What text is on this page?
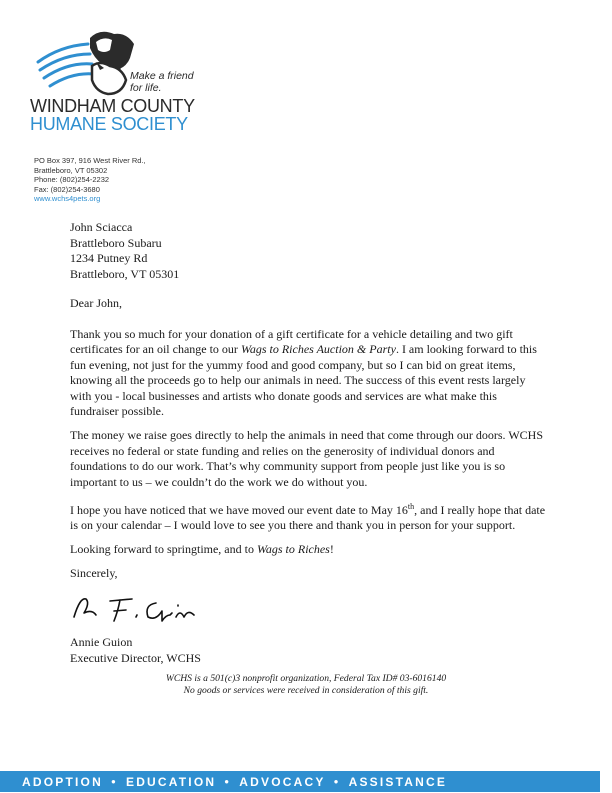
Make a friend
for life.
WINDHAM COUNTY
HUMANE SOCIETY
PO Box 397, 916 West River Rd.,
Brattleboro, VT 05302
Phone: (802)254-2232
Fax: (802)254-3680
www.wchs4pets.org
John Sciacca
Brattleboro Subaru
1234 Putney Rd
Brattleboro, VT 05301

Dear John,

Thank you so much for your donation of a gift certificate for a vehicle detailing and two gift certificates for an oil change to our Wags to Riches Auction & Party. I am looking forward to this fun evening, not just for the yummy food and good company, but so I can bid on great items, knowing all the proceeds go to help our animals in need. The success of this event rests largely with you - local businesses and artists who donate goods and services are what make this fundraiser possible.

The money we raise goes directly to help the animals in need that come through our doors. WCHS receives no federal or state funding and relies on the generosity of individual donors and foundations to do our work. That’s why community support from people just like you is so important to us – we couldn’t do the work we do without you.

I hope you have noticed that we have moved our event date to May 16th, and I really hope that date is on your calendar – I would love to see you there and thank you in person for your support.

Looking forward to springtime, and to Wags to Riches!

Sincerely,

Annie Guion
Executive Director, WCHS
WCHS is a 501(c)3 nonprofit organization, Federal Tax ID# 03-6016140
No goods or services were received in consideration of this gift.
ADOPTION ● EDUCATION ● ADVOCACY ● ASSISTANCE
